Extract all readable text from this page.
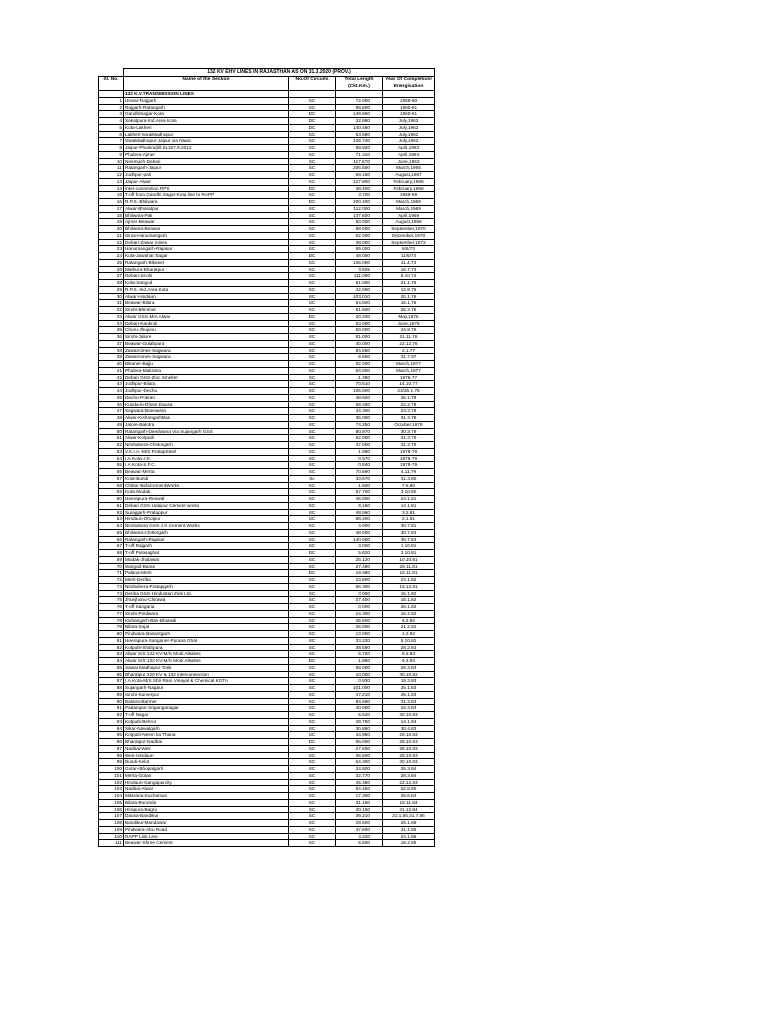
	132 KV EHV LINES IN RAJASTHAN AS ON 31.3.2020 (PROV.)				
Sl. No.	Name of the Section	No.Of Circuits	Total Length (Ckt.Km.)	Year Of Completion/ Energisation	
	132 K.V.TRANSMISSION LINES				
1	Hissar-Rajgarh	SC	72.000	1959-60	
2	Rajgarh-Ratangarh	SC	98.800	1960-61	
3	GandhiSagar-Kota	DC	149.860	1960-61	
4	Sakatpura-Ind.Area Kota	DC	22.880	July,1962	
5	Kota-Lakheri	DC	140.480	July,1962	
6	Lakheri-SwaiMadhopur	SC	63.680	July,1962	
7	SwaiMadhopur-Jaipur via Niwai	SC	126.740	July,1962	
8	Jaipur-Phulera(till 61327.8.2012	SC	58.920	April,1963	
9	Phulera-Ajmer	SC	71.310	April,1963	
10	Neemuch-Debari	SC	117.670	June,1963	
11	Ratangarh-Jaipur	SC	206.500	March,1965	
12	Jodhpur-pali	SC	69.150	August,1967	
13	Jaipur-Alwar	SC	127.800	February,1968	
14	Inter-connection RPS	DC	38.400	February,1968	
15	T-off from Gandhi Sagar-Kota line to RAPP	SC	3.700	1968-69	
16	R.P.S.-Bhilwara	DC	200.400	March,1969	
17	Alwar-Bharatpur	SC	112.000	March,1969	
18	Bhilwara-Pali	SC	137.600	April,1969	
19	Ajmer-Beawar	SC	50.000	August,1969	
20	Bhilwara-Beawar	SC	98.000	September,1970	
21	Sirsa-Hanumangarh	SC	62.000	December,1970	
22	Debari-Zawar mines	SC	38.000	September,1972	
23	Hanumangarh-Rajasar	SC	95.000	6/6/73	
24	Kota-Jawahar Sagar	DC	48.000	11/6/73	
25	Ratangarh-Bikaner	SC	126.000	11.4.73	
26	Mathura-Bharatpur	SC	3.505	16.7.73	
27	Debari-Sirohi	SC	111.000	6.10.74	
28	Kota-Sangod	SC	61.000	21.1.76	
29	R.P.S.-Ind.Area Kota	SC	42.000	12.8.75	
30	Alwar-Hindaun	SC	103.010	20.1.76	
31	Beawar-Bilara	SC	64.500	16.1.76	
32	Sirohi-Bhinmal	SC	61.500	25.3.76	
33	Alwar GSS-MIA Alwar	DC	20.200	May,1976	
34	Debari-Kankroli	SC	53.000	June,1976	
35	Churu-Jhujunu	SC	50.000	24.9.76	
36	Sirohi-Jalore	SC	81.000	21.11.76	
37	Beawar-Gulabpura	SC	40.000	22.12.76	
38	Zawarmines-Sagwara	SC	84.650	2.1.77	
39	Zawarmines-Sagwara	SC	6.550	31.7.97	
40	Bikaner-Bajju	SC	92.000	March,1977	
41	Phulera-Makrana	SC	64.000	March,1977	
42	Debari GSS-Zinc Smelter	SC	1.380	1976-77	
43	Jodhpur-Bilara	SC	70.610	14.10.77	
44	Jodhpur-Dechu	SC	106.500	23/26.1.78	
45	Dechu-Pokran	SC	48.920	26.1.78	
46	Kunda-ki-Dhani-Dausa	SC	59.250	22.2.78	
47	Sagwara-Banswara	SC	44.300	23.3.78	
48	Alwar-KishangarhBas	SC	35.000	31.3.78	
49	Jalore-Balotra	SC	74.250	October,1978	
50	Ratangarh-Deedwana Via Sujangarh GSS	SC	80.970	30.3.79	
51	Alwar-Kotputli	SC	62.000	31.3.79	
52	Nimbahera-Chittorgarh	SC	37.000	31.3.79	
53	V.K.I.A.-M/S PratapSteel	SC	1.980	1978-79	
54	I.A.Kota-J.K.	SC	0.570	1978-79	
55	I.A.Kota-S.F.C.	SC	0.840	1978-79	
56	Beawar-Merta	SC	70.690	4.11.79	
57	Kota-Bundi	Sc	33.670	31.3.80	
58	Chittor-BirlaCementWorks	SC	1.500	7.6.80	
59	Kota-Modak	SC	57.700	3.10.80	
60	Heerapura-Renwal	SC	45.000	24.1.81	
61	Debari GSS-Udaipur Cement works	SC	9.160	14.1.81	
62	Surajgarh-Pratappur	SC	48.960	3.2.81	
63	Hindaun-Dholpur	SC	88.400	2.1.81	
64	Nimbahera GSS-J.K.Cement Works	SC	4.000	30.7.81	
65	Bhilwara-Chittorgarh	SC	48.000	30.7.83	
66	Ratangarh-Rajasar	SC	140.000	30.7.83	
67	T-off Rajgarh	SC	3.000	1.10.81	
68	T-off Pulasaghat	DC	5.620	2.10.81	
69	Modak-Jhalawar	SC	25.120	10.10.81	
70	Sangod-Baran	SC	27.480	28.11.81	
71	Palana-Merti	DC	19.380	16.11.81	
72	Merti-Deriba	SC	23.800	23.1.82	
73	Nimbahera-Pratapgarh	SC	66.300	19.12.81	
74	Deriba GSS-Hindustan Zink Ltd.	SC	3.000	15.1.82	
75	Jhunjhunu-Chirawa	SC	27.400	15.1.82	
76	T-off Sangaria	SC	0.000	26.1.82	
77	Sirohi-Pindwara	SC	24.300	15.2.82	
78	Kishangarh-Bas-Bhiwadi	SC	45.600	6.2.82	
79	Bilara-Sojat	SC	35.000	21.2.82	
80	Pindwara-Basantgarh	SC	13.000	1.2.82	
81	Heerapura-Sanganer-Purana Ghat	SC	33.220	5.10.82	
82	Kotputli-Shahpura	SC	38.690	28.2.83	
83	Alwar S/S 132 KV-M/S Modi Alkalies	SC	5.720	9.2.83	
84	Alwar S/S 132 KV-M/S Modi Alkalies	DC	1.860	9.2.83	
85	Sawai Madhopur-Tonk	SC	58.000	28.3.83	
86	Bharatpur 220 KV & 132 interconnection	SC	10.000	30.10.82	
87	I.A.Kota-M/S Shri Ram Vinayal & Chemical KOTA	SC	0.930	19.3.83	
88	Sujangarh-Nagaur	SC	101.000	25.1.83	
89	Sirohi-Sumerpur	SC	47.210	25.1.83	
90	Balotra-Barmer	SC	84.690	31.3.83	
91	Padampur-Sriganganagar	SC	40.000	15.3.83	
92	T-off Nagar	SC	5.620	30.10.83	
93	Kotputli-Behror	SC	29.750	14.1.84	
94	Sikar-Nawalgarh	SC	30.860	30.4.83	
95	Kotputli-Neem ka Thana	SC	44.950	29.10.83	
96	Bharatpur-Nadbai	DC	65.000	28.10.83	
97	Nadbai-Weir	SC	27.600	28.10.83	
98	Weir-Hindaun	SC	36.500	28.10.83	
99	Bundi-Kelot	SC	64.300	30.10.83	
100	Gotan-Bhopalgarh	SC	24.500	26.3.84	
101	Merta-Gotan	SC	32.770	28.3.84	
102	Hindaun-Gangapurcity	SC	45.360	22.12.83	
103	Nadbai-Alwar	SC	94.450	22.6.80	
104	Makrana-Kuchaman	SC	17.300	26.6.84	
105	Bilara-Borunda	SC	31.160	18.11.84	
106	Hirapura-Bagru	SC	20.150	31.12.84	
107	Dausa-Bandikui	SC	39.210	21.1.85,31.7.86	
108	Bandikui-Mandawar	SC	29.500	26.1.85	
109	Pindwara-Abu Road	SC	47.600	31.1.85	
110	RAPP Link Line	SC	3.220	23.1.85	
111	Beawar-Shree Cement	SC	5.600	19.2.85	
